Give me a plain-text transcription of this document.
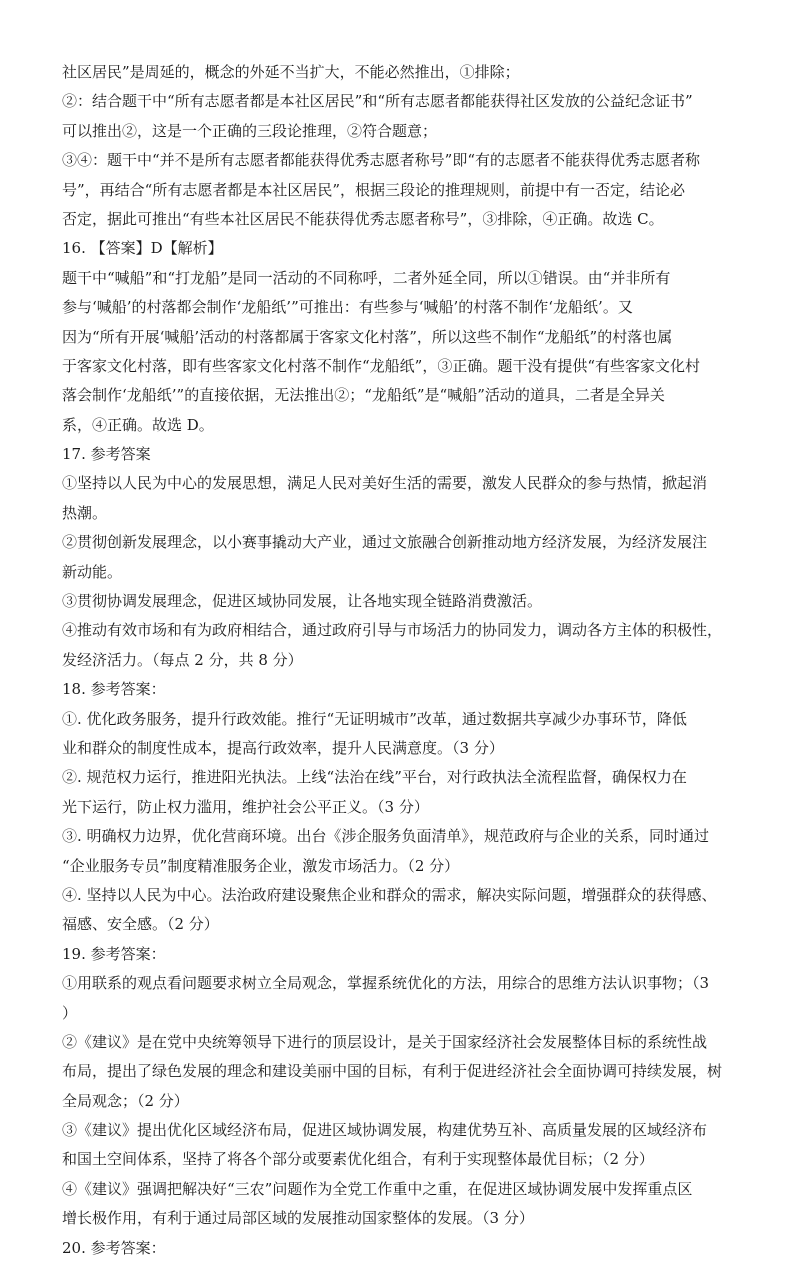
社区居民”是周延的，概念的外延不当扩大，不能必然推出，①排除；
②：结合题干中“所有志愿者都是本社区居民”和“所有志愿者都能获得社区发放的公益纪念证书”
可以推出②，这是一个正确的三段论推理，②符合题意；
③④：题干中“并不是所有志愿者都能获得优秀志愿者称号”即“有的志愿者不能获得优秀志愿者称
号”，再结合“所有志愿者都是本社区居民”，根据三段论的推理规则，前提中有一否定，结论必
否定，据此可推出“有些本社区居民不能获得优秀志愿者称号”，③排除，④正确。故选 C。
16. 【答案】D【解析】
题干中“喊船”和“打龙船”是同一活动的不同称呼，二者外延全同，所以①错误。由“并非所有
参与‘喊船’的村落都会制作‘龙船纸’”可推出：有些参与‘喊船’的村落不制作‘龙船纸’。又
因为“所有开展‘喊船’活动的村落都属于客家文化村落”，所以这些不制作“龙船纸”的村落也属
于客家文化村落，即有些客家文化村落不制作“龙船纸”，③正确。题干没有提供“有些客家文化村
落会制作‘龙船纸’”的直接依据，无法推出②；“龙船纸”是“喊船”活动的道具，二者是全异关
系，④正确。故选 D。
17. 参考答案
①坚持以人民为中心的发展思想，满足人民对美好生活的需要，激发人民群众的参与热情，掀起消
热潮。
②贯彻创新发展理念，以小赛事撬动大产业，通过文旅融合创新推动地方经济发展，为经济发展注
新动能。
③贯彻协调发展理念，促进区域协同发展，让各地实现全链路消费激活。
④推动有效市场和有为政府相结合，通过政府引导与市场活力的协同发力，调动各方主体的积极性，
发经济活力。（每点 2 分，共 8 分）
18. 参考答案：
①. 优化政务服务，提升行政效能。推行“无证明城市”改革，通过数据共享减少办事环节，降低
业和群众的制度性成本，提高行政效率，提升人民满意度。（3 分）
②. 规范权力运行，推进阳光执法。上线“法治在线”平台，对行政执法全流程监督，确保权力在
光下运行，防止权力滥用，维护社会公平正义。（3 分）
③. 明确权力边界，优化营商环境。出台《涉企服务负面清单》，规范政府与企业的关系，同时通过
“企业服务专员”制度精准服务企业，激发市场活力。（2 分）
④. 坚持以人民为中心。法治政府建设聚焦企业和群众的需求，解决实际问题，增强群众的获得感、
福感、安全感。（2 分）
19. 参考答案：
①用联系的观点看问题要求树立全局观念，掌握系统优化的方法，用综合的思维方法认识事物；（3
）
②《建议》是在党中央统筹领导下进行的顶层设计，是关于国家经济社会发展整体目标的系统性战
布局，提出了绿色发展的理念和建设美丽中国的目标，有利于促进经济社会全面协调可持续发展，树
全局观念；（2 分）
③《建议》提出优化区域经济布局，促进区域协调发展，构建优势互补、高质量发展的区域经济布
和国土空间体系，坚持了将各个部分或要素优化组合，有利于实现整体最优目标；（2 分）
④《建议》强调把解决好“三农”问题作为全党工作重中之重，在促进区域协调发展中发挥重点区
增长极作用，有利于通过局部区域的发展推动国家整体的发展。（3 分）
20. 参考答案：
